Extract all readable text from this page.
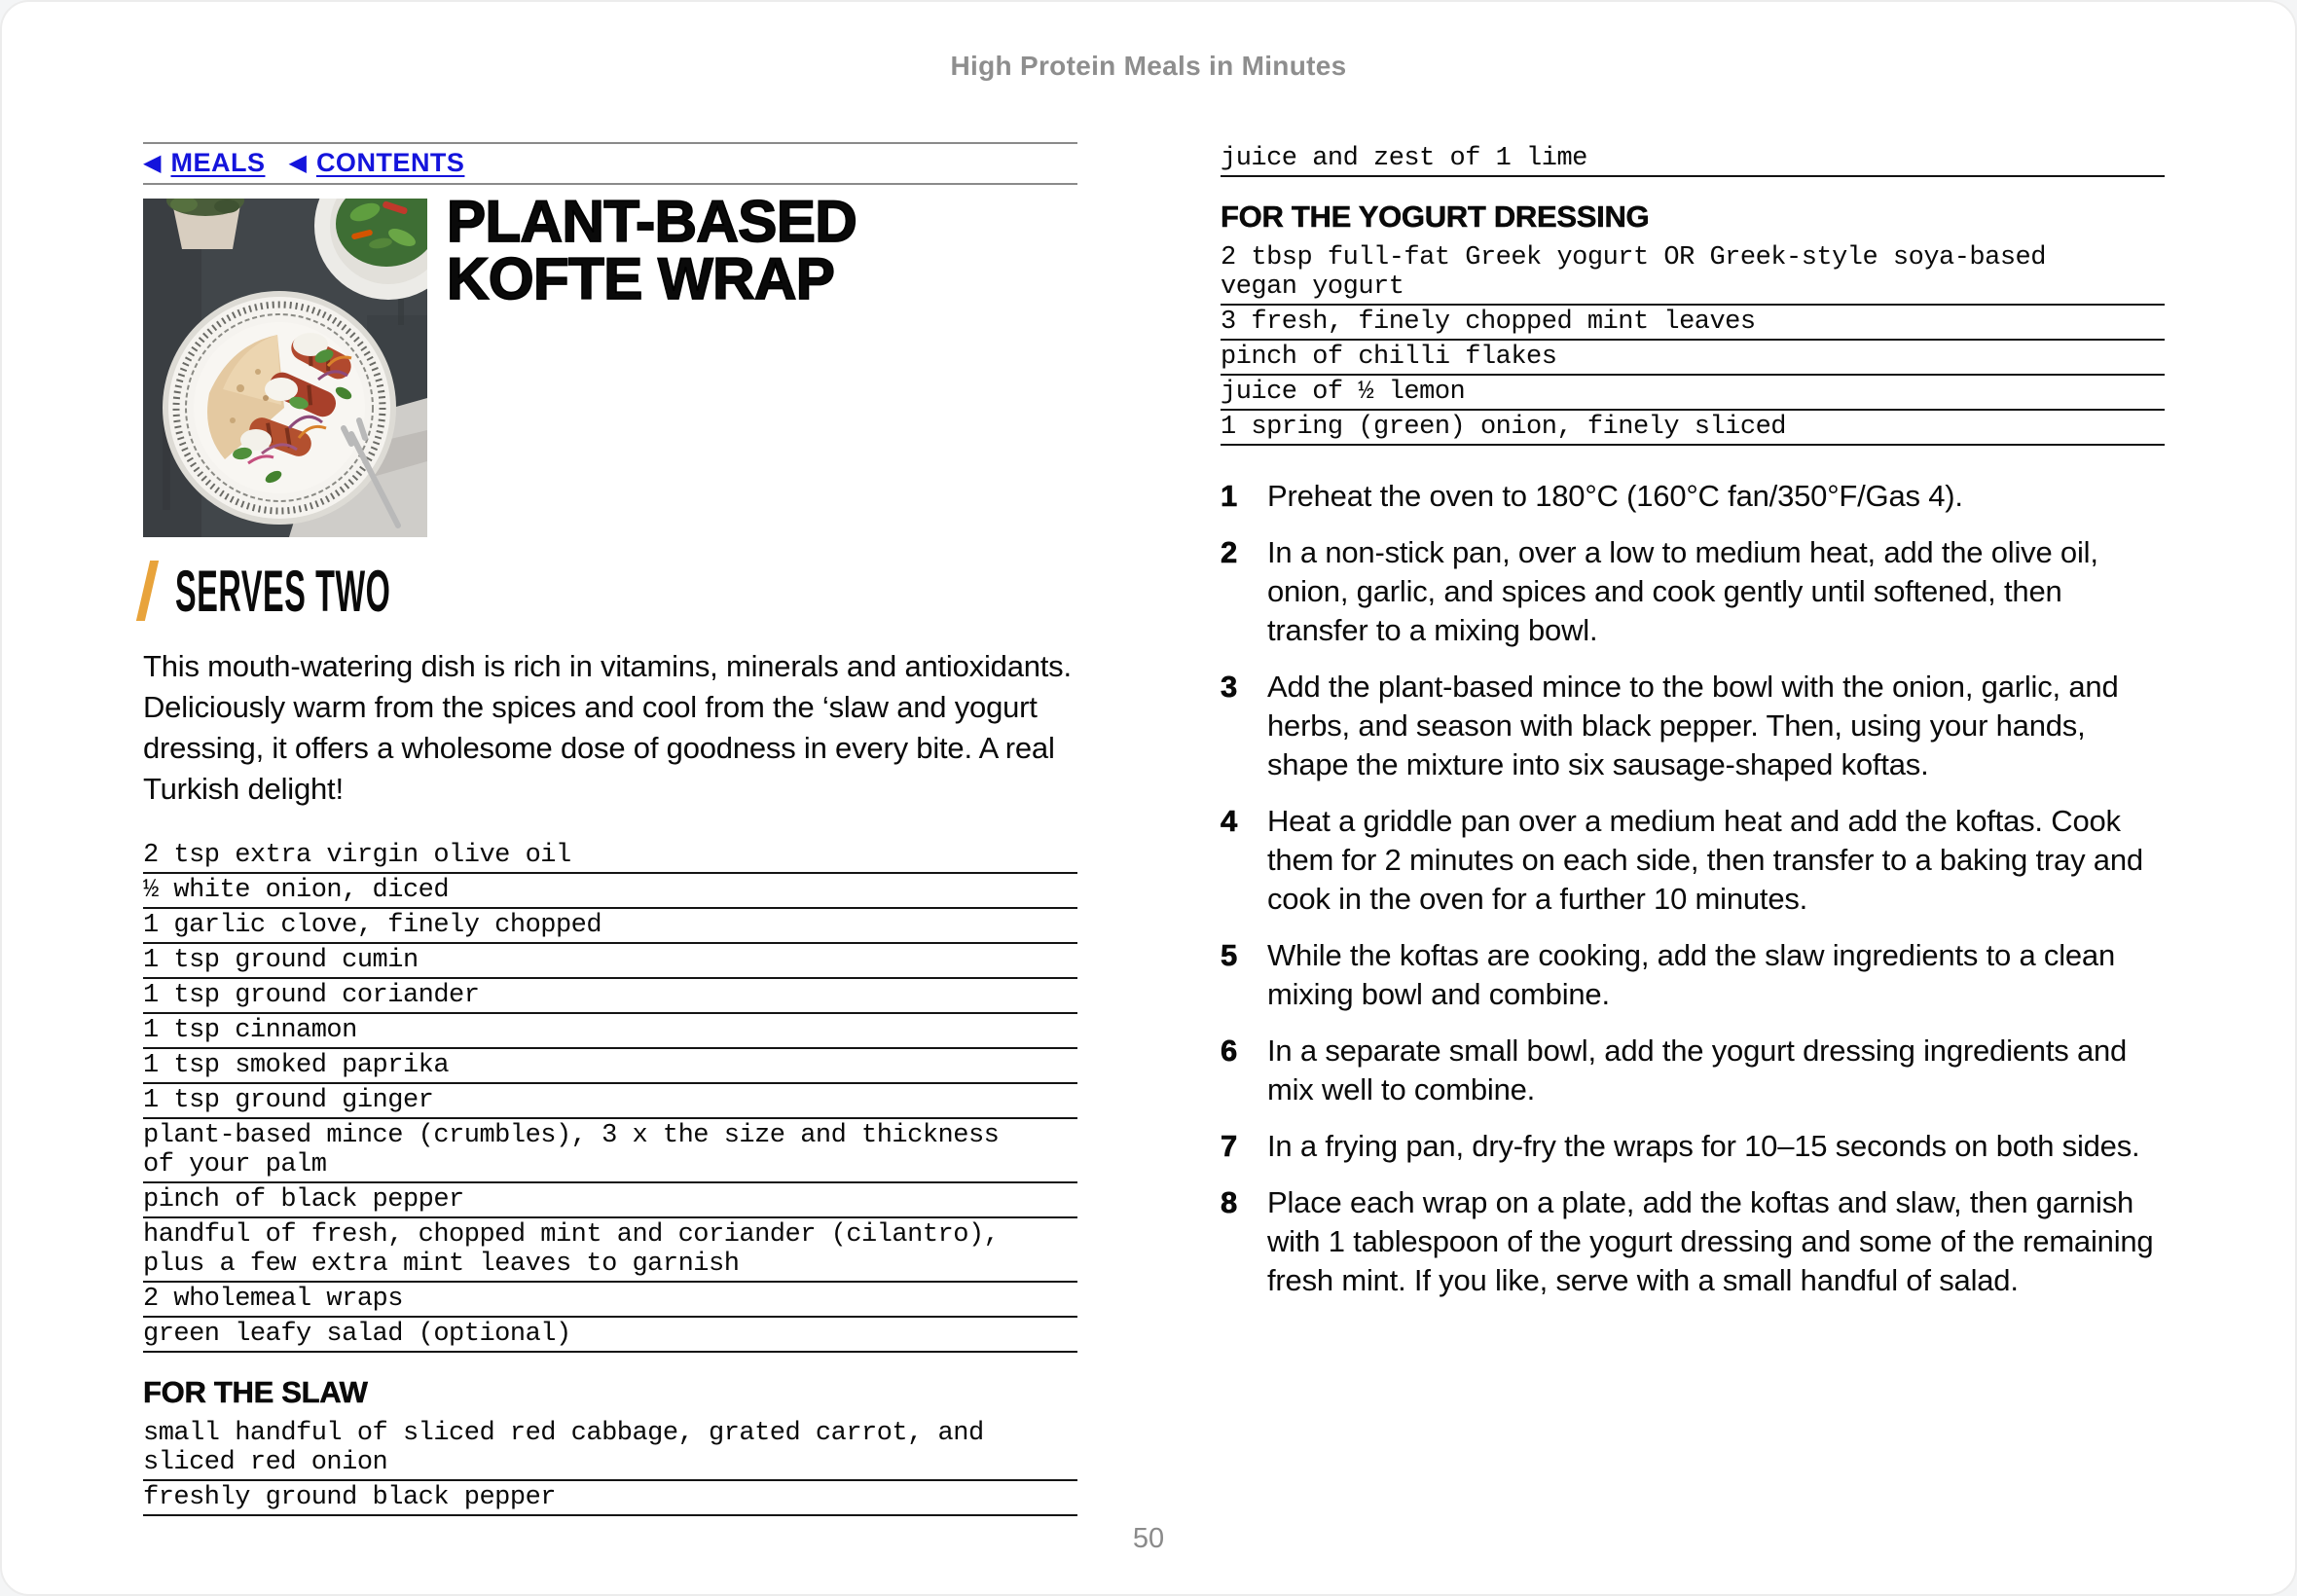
High Protein Meals in Minutes
◀ MEALS ◀ CONTENTS
PLANT-BASED
KOFTE WRAP
SERVES TWO

This mouth-watering dish is rich in vitamins, minerals and antioxidants. Deliciously warm from the spices and cool from the ‘slaw and yogurt dressing, it offers a wholesome dose of goodness in every bite. A real Turkish delight!

2 tsp extra virgin olive oil
½ white onion, diced
1 garlic clove, finely chopped
1 tsp ground cumin
1 tsp ground coriander
1 tsp cinnamon
1 tsp smoked paprika
1 tsp ground ginger
plant-based mince (crumbles), 3 x the size and thickness
of your palm
pinch of black pepper
handful of fresh, chopped mint and coriander (cilantro),
plus a few extra mint leaves to garnish
2 wholemeal wraps
green leafy salad (optional)
FOR THE SLAW
small handful of sliced red cabbage, grated carrot, and
sliced red onion
freshly ground black pepper
juice and zest of 1 lime
FOR THE YOGURT DRESSING
2 tbsp full-fat Greek yogurt OR Greek-style soya-based
vegan yogurt
3 fresh, finely chopped mint leaves
pinch of chilli flakes
juice of ½ lemon
1 spring (green) onion, finely sliced
1 Preheat the oven to 180°C (160°C fan/350°F/Gas 4).
2 In a non-stick pan, over a low to medium heat, add the olive oil, onion, garlic, and spices and cook gently until softened, then transfer to a mixing bowl.
3 Add the plant-based mince to the bowl with the onion, garlic, and herbs, and season with black pepper. Then, using your hands, shape the mixture into six sausage-shaped koftas.
4 Heat a griddle pan over a medium heat and add the koftas. Cook them for 2 minutes on each side, then transfer to a baking tray and cook in the oven for a further 10 minutes.
5 While the koftas are cooking, add the slaw ingredients to a clean mixing bowl and combine.
6 In a separate small bowl, add the yogurt dressing ingredients and mix well to combine.
7 In a frying pan, dry-fry the wraps for 10–15 seconds on both sides.
8 Place each wrap on a plate, add the koftas and slaw, then garnish with 1 tablespoon of the yogurt dressing and some of the remaining fresh mint. If you like, serve with a small handful of salad.
50
